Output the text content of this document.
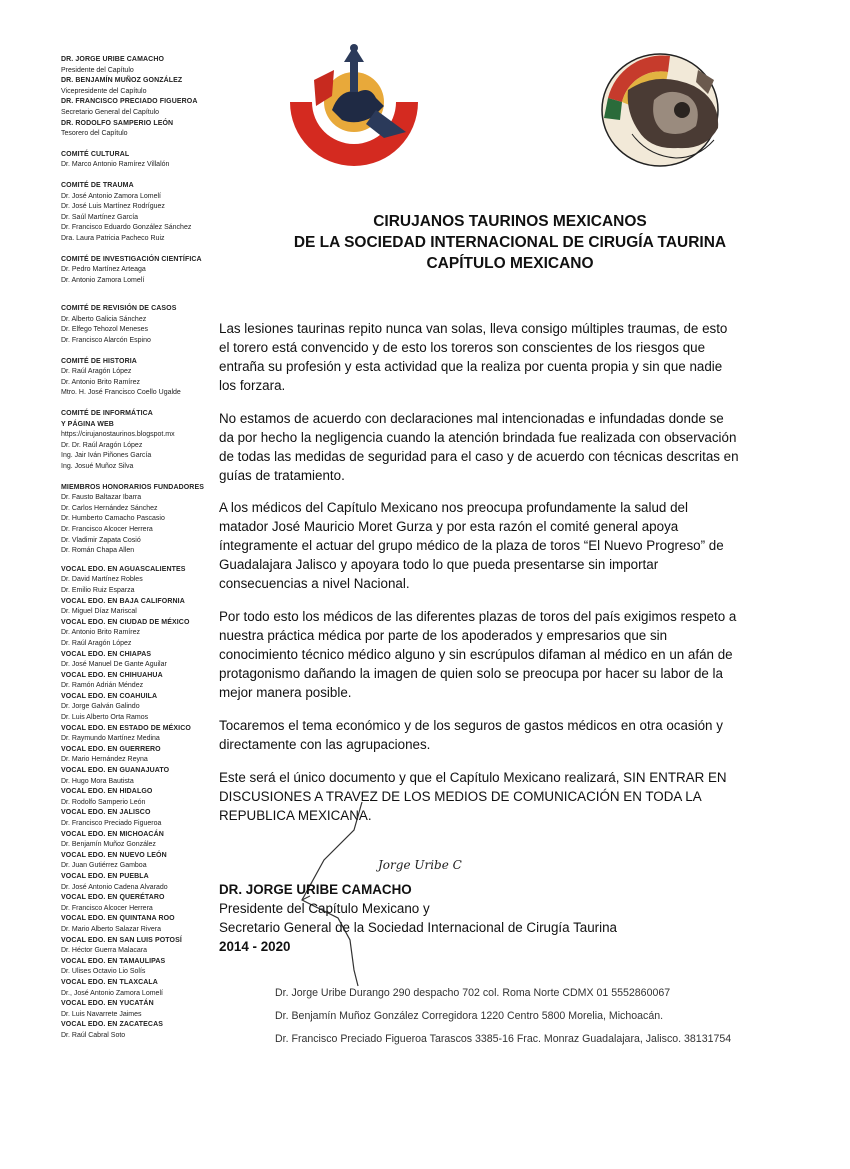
DR. JORGE URIBE CAMACHO
Presidente del Capítulo
DR. BENJAMÍN MUÑOZ GONZÁLEZ
Vicepresidente del Capítulo
DR. FRANCISCO PRECIADO FIGUEROA
Secretario General del Capítulo
DR. RODOLFO SAMPERIO LEÓN
Tesorero del Capítulo
COMITÉ CULTURAL
Dr. Marco Antonio Ramírez Villalón
COMITÉ DE TRAUMA
Dr. José Antonio Zamora Lomelí
Dr. José Luis Martínez Rodríguez
Dr. Saúl Martínez García
Dr. Francisco Eduardo González Sánchez
Dra. Laura Patricia Pacheco Ruiz
COMITÉ DE INVESTIGACIÓN CIENTÍFICA
Dr. Pedro Martínez Arteaga
Dr. Antonio Zamora Lomelí
COMITÉ DE REVISIÓN DE CASOS
Dr. Alberto Galicia Sánchez
Dr. Elfego Tehozol Meneses
Dr. Francisco Alarcón Espino
COMITÉ DE HISTORIA
Dr. Raúl Aragón López
Dr. Antonio Brito Ramírez
Mtro. H. José Francisco Coello Ugalde
COMITÉ DE INFORMÁTICA
Y PÁGINA WEB
https://cirujanostaurinos.blogspot.mx
Dr. Dr. Raúl Aragón López
Ing. Jair Iván Piñones García
Ing. Josué Muñoz Silva
MIEMBROS HONORARIOS FUNDADORES
Dr. Fausto Baltazar Ibarra
Dr. Carlos Hernández Sánchez
Dr. Humberto Camacho Pascasio
Dr. Francisco Alcocer Herrera
Dr. Vladimir Zapata Cosió
Dr. Román Chapa Allen
VOCAL EDO. EN AGUASCALIENTES
Dr. David Martínez Robles
Dr. Emilio Ruiz Esparza
VOCAL EDO. EN BAJA CALIFORNIA
Dr. Miguel Díaz Mariscal
VOCAL EDO. EN CIUDAD DE MÉXICO
Dr. Antonio Brito Ramírez
Dr. Raúl Aragón López
VOCAL EDO. EN CHIAPAS
Dr. José Manuel De Gante Aguilar
VOCAL EDO. EN CHIHUAHUA
Dr. Ramón Adrián Méndez
VOCAL EDO. EN COAHUILA
Dr. Jorge Galván Galindo
Dr. Luis Alberto Orta Ramos
VOCAL EDO. EN ESTADO DE MÉXICO
Dr. Raymundo Martínez Medina
VOCAL EDO. EN GUERRERO
Dr. Mario Hernández Reyna
VOCAL EDO. EN GUANAJUATO
Dr. Hugo Mora Bautista
VOCAL EDO. EN HIDALGO
Dr. Rodolfo Samperio León
VOCAL EDO. EN JALISCO
Dr. Francisco Preciado Figueroa
VOCAL EDO. EN MICHOACÁN
Dr. Benjamín Muñoz González
VOCAL EDO. EN NUEVO LEÓN
Dr. Juan Gutiérrez Gamboa
VOCAL EDO. EN PUEBLA
Dr. José Antonio Cadena Alvarado
VOCAL EDO. EN QUERÉTARO
Dr. Francisco Alcocer Herrera
VOCAL EDO. EN QUINTANA ROO
Dr. Mario Alberto Salazar Rivera
VOCAL EDO. EN SAN LUIS POTOSÍ
Dr. Héctor Guerra Malacara
VOCAL EDO. EN TAMAULIPAS
Dr. Ulises Octavio Lio Solís
VOCAL EDO. EN TLAXCALA
Dr., José Antonio Zamora Lomelí
VOCAL EDO. EN YUCATÁN
Dr. Luis Navarrete Jaimes
VOCAL EDO. EN ZACATECAS
Dr. Raúl Cabral Soto
CIRUJANOS TAURINOS MEXICANOS
DE LA SOCIEDAD INTERNACIONAL DE CIRUGÍA TAURINA
CAPÍTULO MEXICANO

Las lesiones taurinas repito nunca van solas, lleva consigo múltiples traumas, de esto el torero está convencido y de esto los toreros son conscientes de los riesgos que entraña su profesión y esta actividad que la realiza por cuenta propia y sin que nadie los forzara.

No estamos de acuerdo con declaraciones mal intencionadas e infundadas donde se da por hecho la negligencia cuando la atención brindada fue realizada con observación de todas las medidas de seguridad para el caso y de acuerdo con técnicas descritas en guías de tratamiento.

A los médicos del Capítulo Mexicano nos preocupa profundamente la salud del matador José Mauricio Moret Gurza y por esta razón el comité general apoya íntegramente el actuar del grupo médico de la plaza de toros “El Nuevo Progreso” de Guadalajara Jalisco y apoyara todo lo que pueda presentarse sin importar consecuencias a nivel Nacional.

Por todo esto los médicos de las diferentes plazas de toros del país exigimos respeto a nuestra práctica médica por parte de los apoderados y empresarios que sin conocimiento técnico médico alguno y sin escrúpulos difaman al médico en un afán de protagonismo dañando la imagen de quien solo se preocupa por hacer su labor de la mejor manera posible.

Tocaremos el tema económico y de los seguros de gastos médicos en otra ocasión y directamente con las agrupaciones.

Este será el único documento y que el Capítulo Mexicano realizará, SIN ENTRAR EN DISCUSIONES A TRAVEZ DE LOS MEDIOS DE COMUNICACIÓN EN TODA LA REPUBLICA MEXICANA.

Jorge Uribe C
DR. JORGE URIBE CAMACHO
Presidente del Capítulo Mexicano y
Secretario General de la Sociedad Internacional de Cirugía Taurina
2014 - 2020
Dr. Jorge Uribe Durango 290 despacho 702 col. Roma Norte CDMX 01 5552860067
Dr. Benjamín Muñoz González Corregidora 1220 Centro 5800 Morelia, Michoacán.
Dr. Francisco Preciado Figueroa Tarascos 3385-16 Frac. Monraz Guadalajara, Jalisco. 38131754
